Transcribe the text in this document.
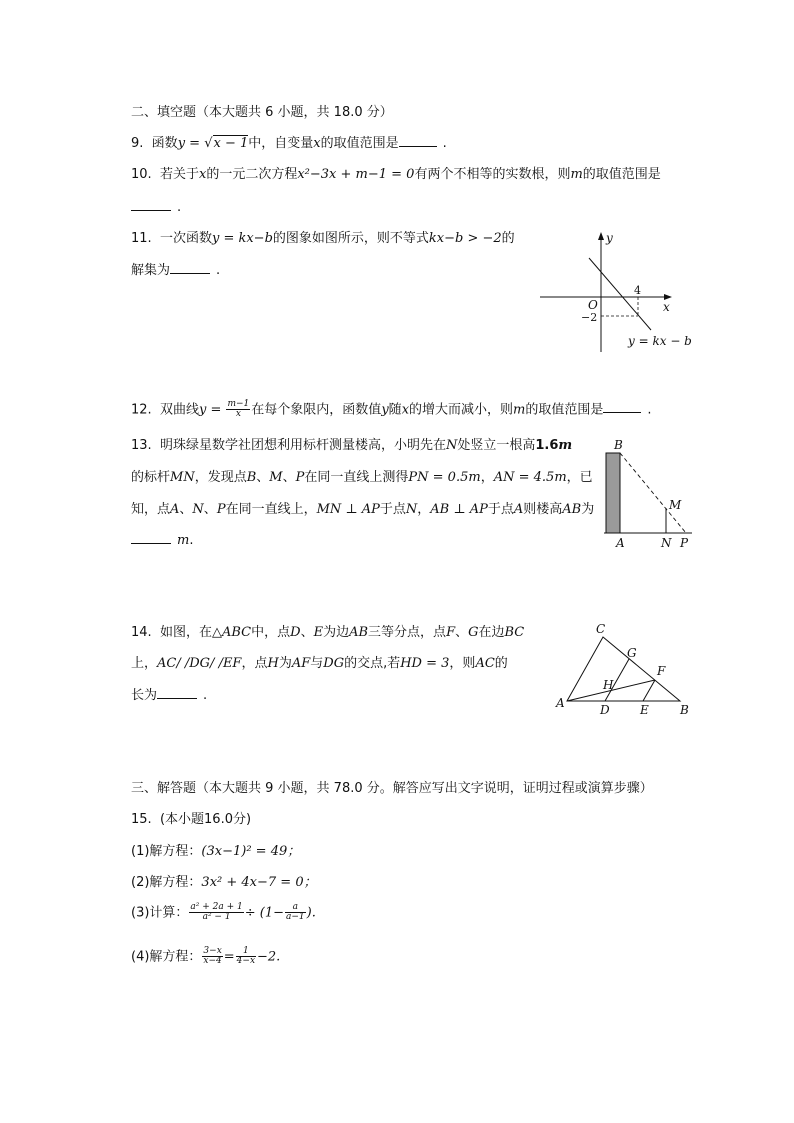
二、填空题（本大题共 6 小题，共 18.0 分）
9. 函数y = √x − 1中，自变量x的取值范围是	.
10. 若关于x的一元二次方程x²−3x + m−1 = 0有两个不相等的实数根，则m的取值范围是
.
11. 一次函数y = kx−b的图象如图所示，则不等式kx−b > −2的
解集为	.
y
x
O
4
−2
y = kx − b
12. 双曲线$y = \frac{m-1}{x}$ 在每个象限内，函数值y随x的增大而减小，则m的取值范围是	.
13. 明珠绿星数学社团想利用标杆测量楼高，小明先在N处竖立一根高1.6m
的标杆MN，发现点B、M、P在同一直线上测得PN = 0.5m，AN = 4.5m，已
知，点A、N、P在同一直线上，MN ⊥ AP于点N，AB ⊥ AP于点A则楼高AB为
m.
B
M
A	N P
14. 如图，在△ABC中，点D、E为边AB三等分点，点F、G在边BC
上，AC/ /DG/ /EF，点H为AF与DG的交点,若HD = 3，则AC的
长为	.
C
G
F
H
A	D	E	B
三、解答题（本大题共 9 小题，共 78.0 分。解答应写出文字说明，证明过程或演算步骤）
15. (本小题16.0分)
(1)解方程：(3x−1)² = 49；
(2)解方程：3x² + 4x−7 = 0；
(3)计算： $\frac{\text{a² + 2a + 1}}{\text{a² − 1}} \div (1- \frac{a}{a-1}$ ).
(4)解方程： $\frac{3-x}{x-4} = \frac{1}{4-x} -2$.
